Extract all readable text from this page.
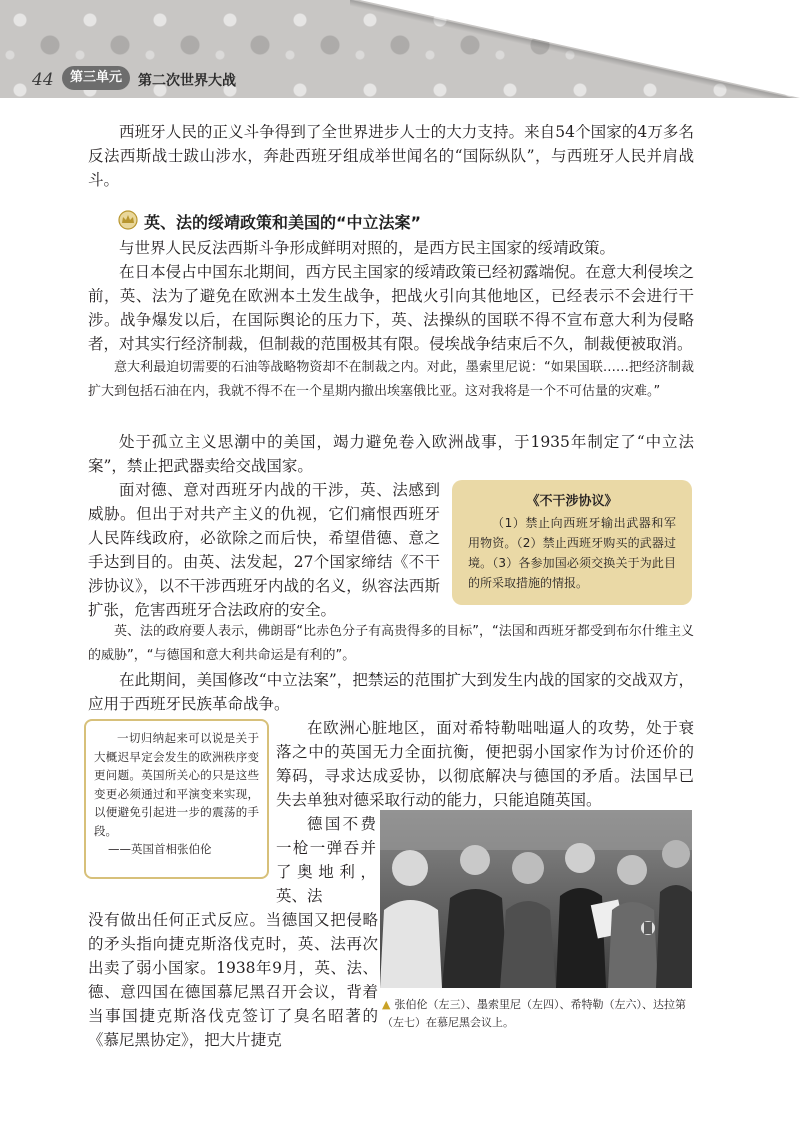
44	第三单元	第二次世界大战
西班牙人民的正义斗争得到了全世界进步人士的大力支持。来自54个国家的4万多名反法西斯战士跋山涉水，奔赴西班牙组成举世闻名的“国际纵队”，与西班牙人民并肩战斗。
英、法的绥靖政策和美国的“中立法案”
与世界人民反法西斯斗争形成鲜明对照的，是西方民主国家的绥靖政策。
在日本侵占中国东北期间，西方民主国家的绥靖政策已经初露端倪。在意大利侵埃之前，英、法为了避免在欧洲本土发生战争，把战火引向其他地区，已经表示不会进行干涉。战争爆发以后，在国际舆论的压力下，英、法操纵的国联不得不宣布意大利为侵略者，对其实行经济制裁，但制裁的范围极其有限。侵埃战争结束后不久，制裁便被取消。
意大利最迫切需要的石油等战略物资却不在制裁之内。对此，墨索里尼说：“如果国联……把经济制裁扩大到包括石油在内，我就不得不在一个星期内撤出埃塞俄比亚。这对我将是一个不可估量的灾难。”
处于孤立主义思潮中的美国，竭力避免卷入欧洲战事，于1935年制定了“中立法案”，禁止把武器卖给交战国家。
面对德、意对西班牙内战的干涉，英、法感到威胁。但出于对共产主义的仇视，它们痛恨西班牙人民阵线政府，必欲除之而后快，希望借德、意之手达到目的。由英、法发起，27个国家缔结《不干涉协议》，以不干涉西班牙内战的名义，纵容法西斯扩张，危害西班牙合法政府的安全。
《不干涉协议》
（1）禁止向西班牙输出武器和军用物资。（2）禁止西班牙购买的武器过境。（3）各参加国必须交换关于为此目的所采取措施的情报。
英、法的政府要人表示，佛朗哥“比赤色分子有高贵得多的目标”，“法国和西班牙都受到布尔什维主义的威胁”，“与德国和意大利共命运是有利的”。
在此期间，美国修改“中立法案”，把禁运的范围扩大到发生内战的国家的交战双方，应用于西班牙民族革命战争。
一切归纳起来可以说是关于大概迟早定会发生的欧洲秩序变更问题。英国所关心的只是这些变更必须通过和平演变来实现，以便避免引起进一步的震荡的手段。
——英国首相张伯伦
在欧洲心脏地区，面对希特勒咄咄逼人的攻势，处于衰落之中的英国无力全面抗衡，便把弱小国家作为讨价还价的筹码，寻求达成妥协，以彻底解决与德国的矛盾。法国早已失去单独对德采取行动的能力，只能追随英国。
德国不费一枪一弹吞并了奥地利，英、法
没有做出任何正式反应。当德国又把侵略的矛头指向捷克斯洛伐克时，英、法再次出卖了弱小国家。1938年9月，英、法、德、意四国在德国慕尼黑召开会议，背着当事国捷克斯洛伐克签订了臭名昭著的《慕尼黑协定》，把大片捷克
▲ 张伯伦（左三）、墨索里尼（左四）、希特勒（左六）、达拉第（左七）在慕尼黑会议上。
